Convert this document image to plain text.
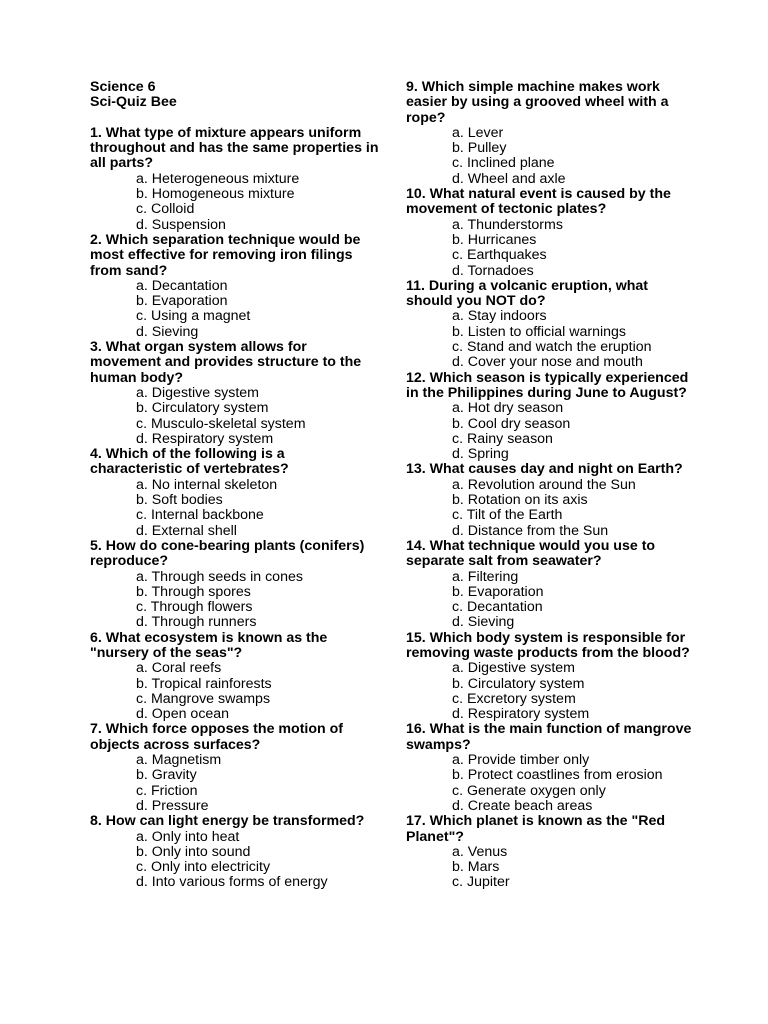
Science 6

Sci-Quiz Bee

1. What type of mixture appears uniform throughout and has the same properties in all parts?

a. Heterogeneous mixture

b. Homogeneous mixture

c. Colloid

d. Suspension

2. Which separation technique would be most effective for removing iron filings from sand?

a. Decantation

b. Evaporation

c. Using a magnet

d. Sieving

3. What organ system allows for movement and provides structure to the human body?

a. Digestive system

b. Circulatory system

c. Musculo-skeletal system

d. Respiratory system

4. Which of the following is a characteristic of vertebrates?

a. No internal skeleton

b. Soft bodies

c. Internal backbone

d. External shell

5. How do cone-bearing plants (conifers) reproduce?

a. Through seeds in cones

b. Through spores

c. Through flowers

d. Through runners

6. What ecosystem is known as the "nursery of the seas"?

a. Coral reefs

b. Tropical rainforests

c. Mangrove swamps

d. Open ocean

7. Which force opposes the motion of objects across surfaces?

a. Magnetism

b. Gravity

c. Friction

d. Pressure

8. How can light energy be transformed?

a. Only into heat

b. Only into sound

c. Only into electricity

d. Into various forms of energy

9. Which simple machine makes work easier by using a grooved wheel with a rope?

a. Lever

b. Pulley

c. Inclined plane

d. Wheel and axle

10. What natural event is caused by the movement of tectonic plates?

a. Thunderstorms

b. Hurricanes

c. Earthquakes

d. Tornadoes

11. During a volcanic eruption, what should you NOT do?

a. Stay indoors

b. Listen to official warnings

c. Stand and watch the eruption

d. Cover your nose and mouth

12. Which season is typically experienced in the Philippines during June to August?

a. Hot dry season

b. Cool dry season

c. Rainy season

d. Spring

13. What causes day and night on Earth?

a. Revolution around the Sun

b. Rotation on its axis

c. Tilt of the Earth

d. Distance from the Sun

14. What technique would you use to separate salt from seawater?

a. Filtering

b. Evaporation

c. Decantation

d. Sieving

15. Which body system is responsible for removing waste products from the blood?

a. Digestive system

b. Circulatory system

c. Excretory system

d. Respiratory system

16. What is the main function of mangrove swamps?

a. Provide timber only

b. Protect coastlines from erosion

c. Generate oxygen only

d. Create beach areas

17. Which planet is known as the "Red Planet"?

a. Venus

b. Mars

c. Jupiter
